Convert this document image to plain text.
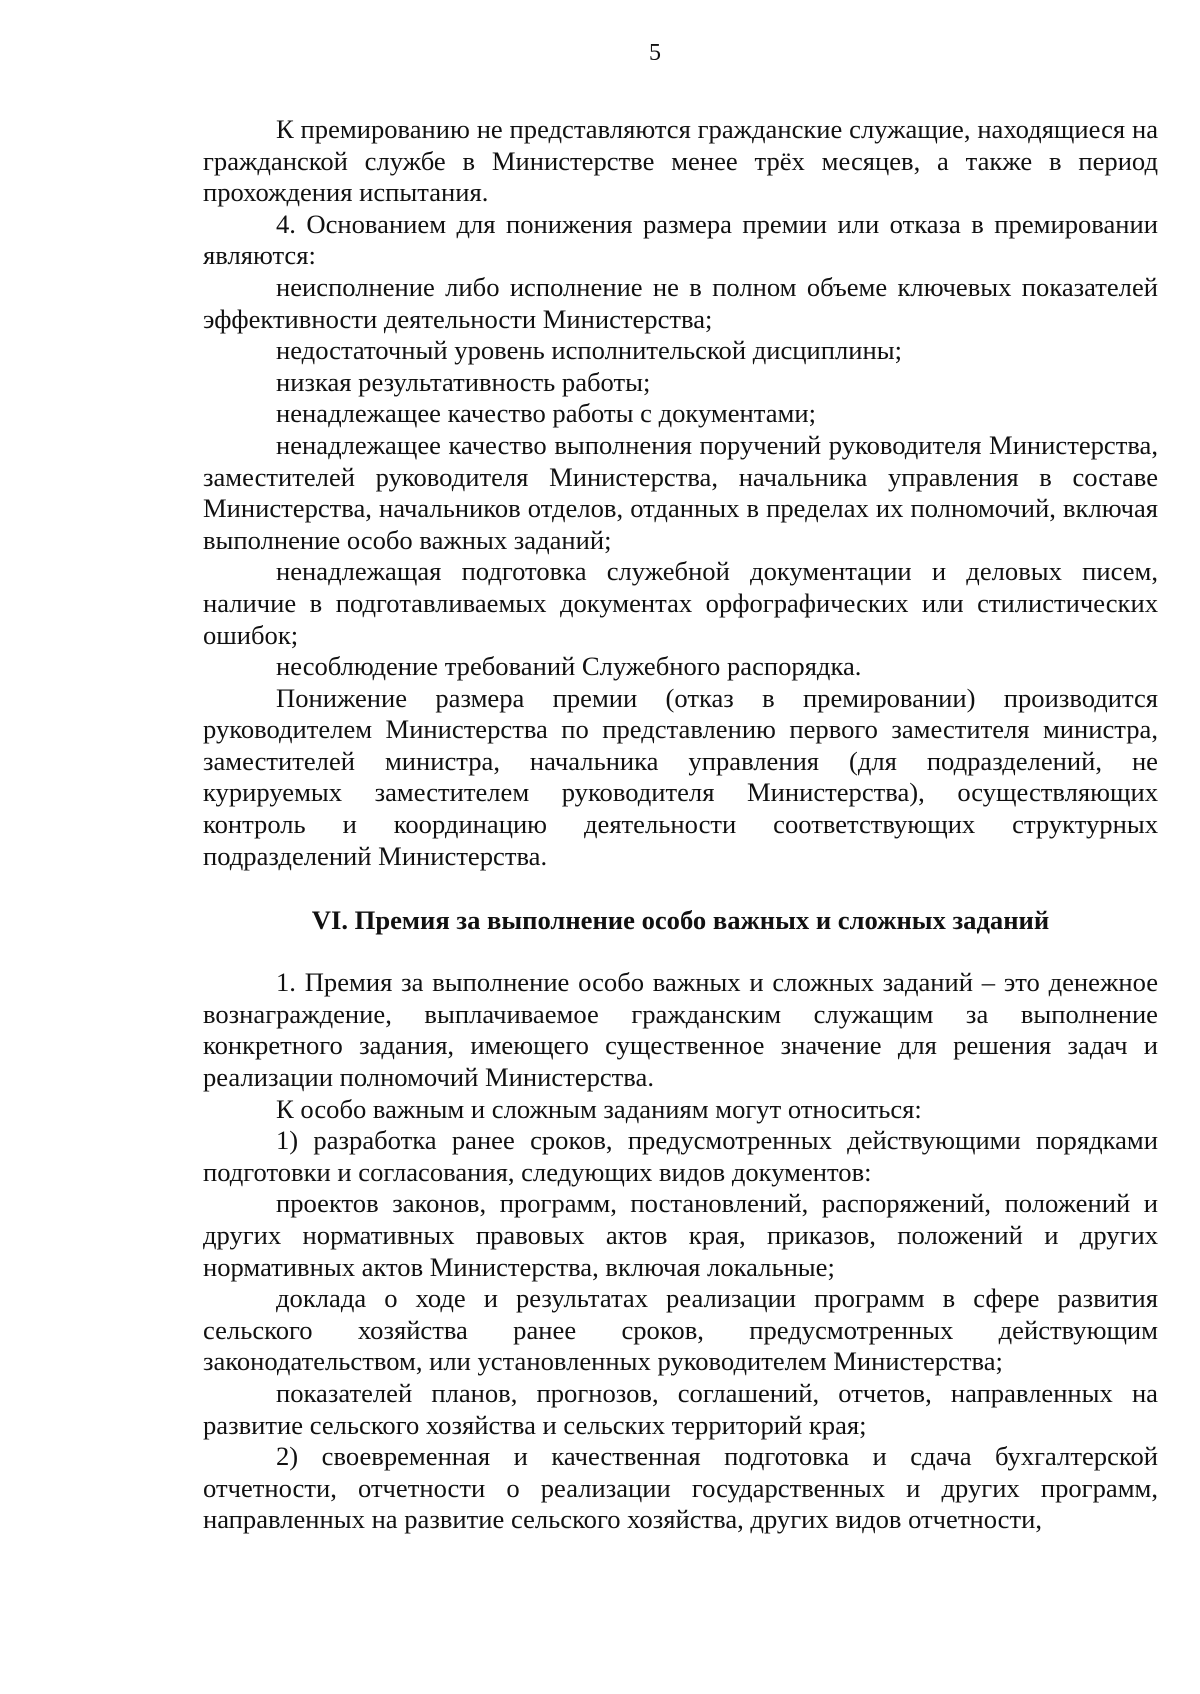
5

К премированию не представляются гражданские служащие, находящиеся на гражданской службе в Министерстве менее трёх месяцев, а также в период прохождения испытания.

4. Основанием для понижения размера премии или отказа в премировании являются:

неисполнение либо исполнение не в полном объеме ключевых показателей эффективности деятельности Министерства;

недостаточный уровень исполнительской дисциплины;

низкая результативность работы;

ненадлежащее качество работы с документами;

ненадлежащее качество выполнения поручений руководителя Министерства, заместителей руководителя Министерства, начальника управления в составе Министерства, начальников отделов, отданных в пределах их полномочий, включая выполнение особо важных заданий;

ненадлежащая подготовка служебной документации и деловых писем, наличие в подготавливаемых документах орфографических или стилистических ошибок;

несоблюдение требований Служебного распорядка.

Понижение размера премии (отказ в премировании) производится руководителем Министерства по представлению первого заместителя министра, заместителей министра, начальника управления (для подразделений, не курируемых заместителем руководителя Министерства), осуществляющих контроль и координацию деятельности соответствующих структурных подразделений Министерства.

VI. Премия за выполнение особо важных и сложных заданий

1. Премия за выполнение особо важных и сложных заданий – это денежное вознаграждение, выплачиваемое гражданским служащим за выполнение конкретного задания, имеющего существенное значение для решения задач и реализации полномочий Министерства.

К особо важным и сложным заданиям могут относиться:

1) разработка ранее сроков, предусмотренных действующими порядками подготовки и согласования, следующих видов документов:

проектов законов, программ, постановлений, распоряжений, положений и других нормативных правовых актов края, приказов, положений и других нормативных актов Министерства, включая локальные;

доклада о ходе и результатах реализации программ в сфере развития сельского хозяйства ранее сроков, предусмотренных действующим законодательством, или установленных руководителем Министерства;

показателей планов, прогнозов, соглашений, отчетов, направленных на развитие сельского хозяйства и сельских территорий края;

2) своевременная и качественная подготовка и сдача бухгалтерской отчетности, отчетности о реализации государственных и других программ, направленных на развитие сельского хозяйства, других видов отчетности,
